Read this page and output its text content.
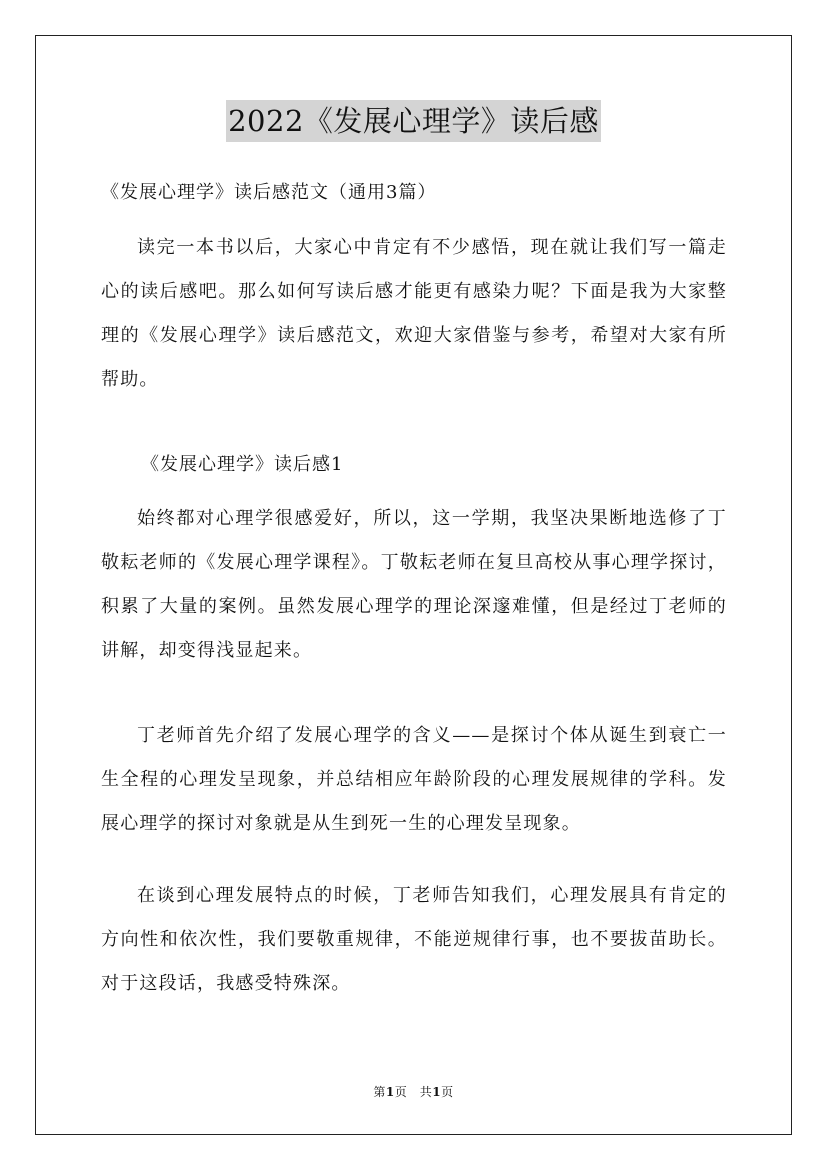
2022《发展心理学》读后感
《发展心理学》读后感范文（通用3篇）

读完一本书以后，大家心中肯定有不少感悟，现在就让我们写一篇走心的读后感吧。那么如何写读后感才能更有感染力呢？下面是我为大家整理的《发展心理学》读后感范文，欢迎大家借鉴与参考，希望对大家有所帮助。

《发展心理学》读后感1

始终都对心理学很感爱好，所以，这一学期，我坚决果断地选修了丁敬耘老师的《发展心理学课程》。丁敬耘老师在复旦高校从事心理学探讨，积累了大量的案例。虽然发展心理学的理论深邃难懂，但是经过丁老师的讲解，却变得浅显起来。

丁老师首先介绍了发展心理学的含义——是探讨个体从诞生到衰亡一生全程的心理发呈现象，并总结相应年龄阶段的心理发展规律的学科。发展心理学的探讨对象就是从生到死一生的心理发呈现象。

在谈到心理发展特点的时候，丁老师告知我们，心理发展具有肯定的方向性和依次性，我们要敬重规律，不能逆规律行事，也不要拔苗助长。对于这段话，我感受特殊深。

第1页　共1页
